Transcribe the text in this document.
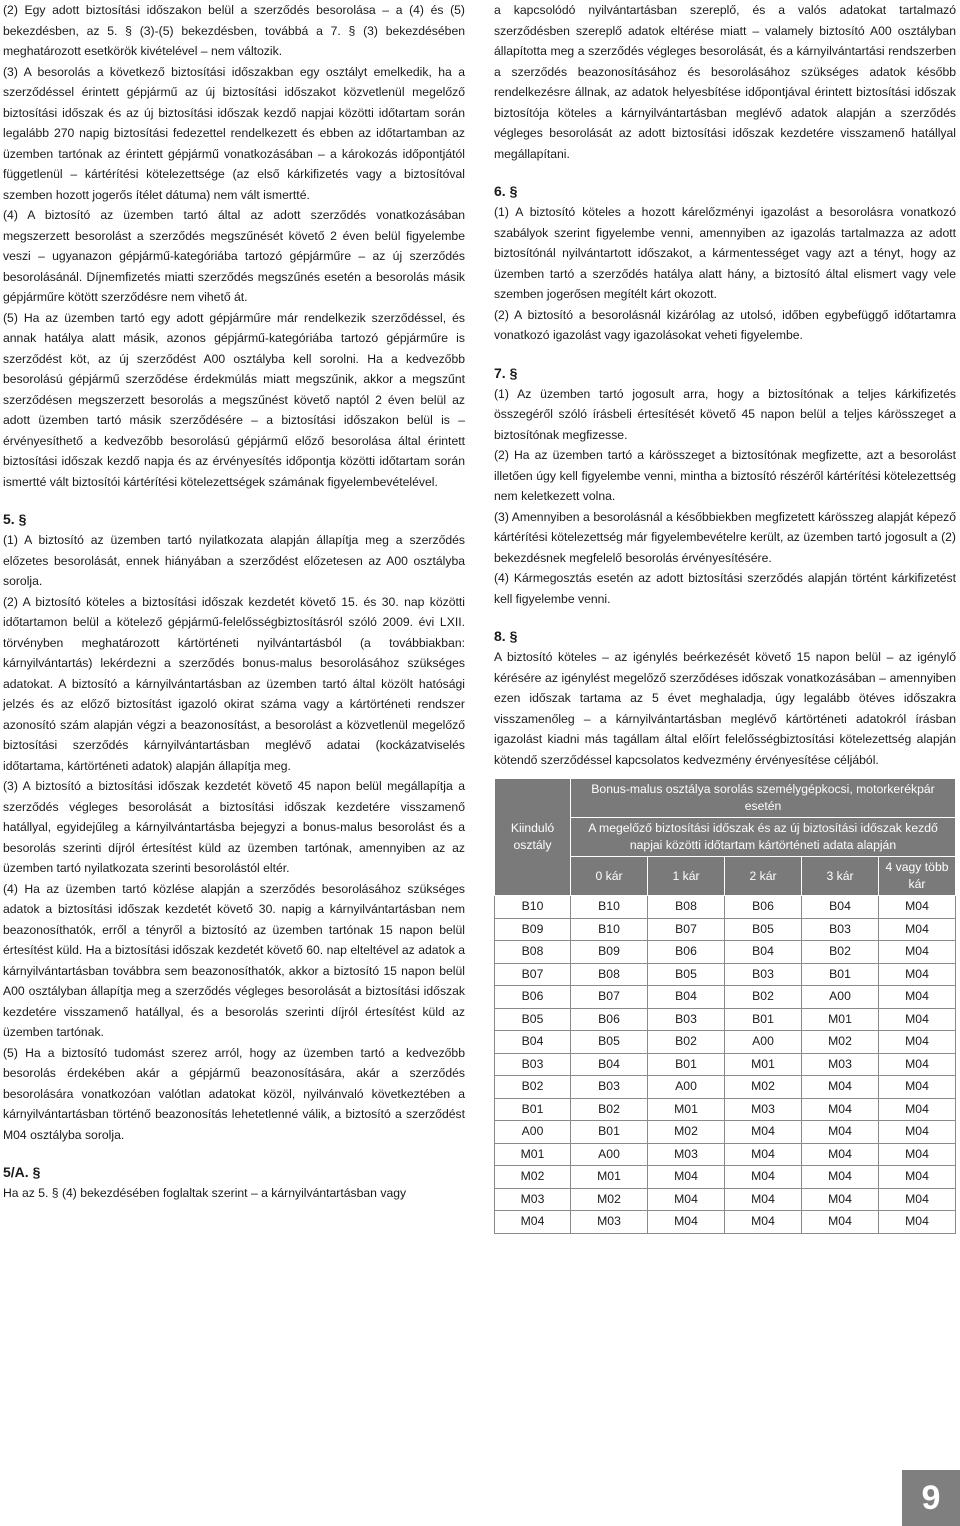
(2) Egy adott biztosítási időszakon belül a szerződés besorolása – a (4) és (5) bekezdésben, az 5. § (3)-(5) bekezdésben, továbbá a 7. § (3) bekezdésében meghatározott esetkörök kivételével – nem változik.

(3) A besorolás a következő biztosítási időszakban egy osztályt emelkedik, ha a szerződéssel érintett gépjármű az új biztosítási időszakot közvetlenül megelőző biztosítási időszak és az új biztosítási időszak kezdő napjai közötti időtartam során legalább 270 napig biztosítási fedezettel rendelkezett és ebben az időtartamban az üzemben tartónak az érintett gépjármű vonatkozásában – a károkozás időpontjától függetlenül – kártérítési kötelezettsége (az első kárkifizetés vagy a biztosítóval szemben hozott jogerős ítélet dátuma) nem vált ismertté.

(4) A biztosító az üzemben tartó által az adott szerződés vonatkozásában megszerzett besorolást a szerződés megszűnését követő 2 éven belül figyelembe veszi – ugyanazon gépjármű-kategóriába tartozó gépjárműre – az új szerződés besorolásánál. Díjnemfizetés miatti szerződés megszűnés esetén a besorolás másik gépjárműre kötött szerződésre nem vihető át.

(5) Ha az üzemben tartó egy adott gépjárműre már rendelkezik szerződéssel, és annak hatálya alatt másik, azonos gépjármű-kategóriába tartozó gépjárműre is szerződést köt, az új szerződést A00 osztályba kell sorolni. Ha a kedvezőbb besorolású gépjármű szerződése érdekmúlás miatt megszűnik, akkor a megszűnt szerződésen megszerzett besorolás a megszűnést követő naptól 2 éven belül az adott üzemben tartó másik szerződésére – a biztosítási időszakon belül is – érvényesíthető a kedvezőbb besorolású gépjármű előző besorolása által érintett biztosítási időszak kezdő napja és az érvényesítés időpontja közötti időtartam során ismertté vált biztosítói kártérítési kötelezettségek számának figyelembevételével.

5. §

(1) A biztosító az üzemben tartó nyilatkozata alapján állapítja meg a szerződés előzetes besorolását, ennek hiányában a szerződést előzetesen az A00 osztályba sorolja.

(2) A biztosító köteles a biztosítási időszak kezdetét követő 15. és 30. nap közötti időtartamon belül a kötelező gépjármű-felelősségbiztosításról szóló 2009. évi LXII. törvényben meghatározott kártörténeti nyilvántartásból (a továbbiakban: kárnyilvántartás) lekérdezni a szerződés bonus-malus besorolásához szükséges adatokat. A biztosító a kárnyilvántartásban az üzemben tartó által közölt hatósági jelzés és az előző biztosítást igazoló okirat száma vagy a kártörténeti rendszer azonosító szám alapján végzi a beazonosítást, a besorolást a közvetlenül megelőző biztosítási szerződés kárnyilvántartásban meglévő adatai (kockázatviselés időtartama, kártörténeti adatok) alapján állapítja meg.

(3) A biztosító a biztosítási időszak kezdetét követő 45 napon belül megállapítja a szerződés végleges besorolását a biztosítási időszak kezdetére visszamenő hatállyal, egyidejűleg a kárnyilvántartásba bejegyzi a bonus-malus besorolást és a besorolás szerinti díjról értesítést küld az üzemben tartónak, amennyiben az az üzemben tartó nyilatkozata szerinti besorolástól eltér.

(4) Ha az üzemben tartó közlése alapján a szerződés besorolásához szükséges adatok a biztosítási időszak kezdetét követő 30. napig a kárnyilvántartásban nem beazonosíthatók, erről a tényről a biztosító az üzemben tartónak 15 napon belül értesítést küld. Ha a biztosítási időszak kezdetét követő 60. nap elteltével az adatok a kárnyilvántartásban továbbra sem beazonosíthatók, akkor a biztosító 15 napon belül A00 osztályban állapítja meg a szerződés végleges besorolását a biztosítási időszak kezdetére visszamenő hatállyal, és a besorolás szerinti díjról értesítést küld az üzemben tartónak.

(5) Ha a biztosító tudomást szerez arról, hogy az üzemben tartó a kedvezőbb besorolás érdekében akár a gépjármű beazonosítására, akár a szerződés besorolására vonatkozóan valótlan adatokat közöl, nyilvánvaló következtében a kárnyilvántartásban történő beazonosítás lehetetlenné válik, a biztosító a szerződést M04 osztályba sorolja.

5/A. §

Ha az 5. § (4) bekezdésében foglaltak szerint – a kárnyilvántartásban vagy

a kapcsolódó nyilvántartásban szereplő, és a valós adatokat tartalmazó szerződésben szereplő adatok eltérése miatt – valamely biztosító A00 osztályban állapította meg a szerződés végleges besorolását, és a kárnyilvántartási rendszerben a szerződés beazonosításához és besorolásához szükséges adatok később rendelkezésre állnak, az adatok helyesbítése időpontjával érintett biztosítási időszak biztosítója köteles a kárnyilvántartásban meglévő adatok alapján a szerződés végleges besorolását az adott biztosítási időszak kezdetére visszamenő hatállyal megállapítani.

6. §

(1) A biztosító köteles a hozott kárelőzményi igazolást a besorolásra vonatkozó szabályok szerint figyelembe venni, amennyiben az igazolás tartalmazza az adott biztosítónál nyilvántartott időszakot, a kármentességet vagy azt a tényt, hogy az üzemben tartó a szerződés hatálya alatt hány, a biztosító által elismert vagy vele szemben jogerősen megítélt kárt okozott.

(2) A biztosító a besorolásnál kizárólag az utolsó, időben egybefüggő időtartamra vonatkozó igazolást vagy igazolásokat veheti figyelembe.

7. §

(1) Az üzemben tartó jogosult arra, hogy a biztosítónak a teljes kárkifizetés összegéről szóló írásbeli értesítését követő 45 napon belül a teljes kárösszeget a biztosítónak megfizesse.

(2) Ha az üzemben tartó a kárösszeget a biztosítónak megfizette, azt a besorolást illetően úgy kell figyelembe venni, mintha a biztosító részéről kártérítési kötelezettség nem keletkezett volna.

(3) Amennyiben a besorolásnál a későbbiekben megfizetett kárösszeg alapját képező kártérítési kötelezettség már figyelembevételre került, az üzemben tartó jogosult a (2) bekezdésnek megfelelő besorolás érvényesítésére.

(4) Kármegosztás esetén az adott biztosítási szerződés alapján történt kárkifizetést kell figyelembe venni.

8. §

A biztosító köteles – az igénylés beérkezését követő 15 napon belül – az igénylő kérésére az igénylést megelőző szerződéses időszak vonatkozásában – amennyiben ezen időszak tartama az 5 évet meghaladja, úgy legalább ötéves időszakra visszamenőleg – a kárnyilvántartásban meglévő kártörténeti adatokról írásban igazolást kiadni más tagállam által előírt felelősségbiztosítási kötelezettség alapján kötendő szerződéssel kapcsolatos kedvezmény érvényesítése céljából.

Kiinduló osztály	Bonus-malus osztálya sorolás személygépkocsi, motorkerékpár esetén				
	A megelőző biztosítási időszak és az új biztosítási időszak kezdő napjai közötti időtartam kártörténeti adata alapján				
	0 kár	1 kár	2 kár	3 kár	4 vagy több kár
B10	B10	B08	B06	B04	M04
B09	B10	B07	B05	B03	M04
B08	B09	B06	B04	B02	M04
B07	B08	B05	B03	B01	M04
B06	B07	B04	B02	A00	M04
B05	B06	B03	B01	M01	M04
B04	B05	B02	A00	M02	M04
B03	B04	B01	M01	M03	M04
B02	B03	A00	M02	M04	M04
B01	B02	M01	M03	M04	M04
A00	B01	M02	M04	M04	M04
M01	A00	M03	M04	M04	M04
M02	M01	M04	M04	M04	M04
M03	M02	M04	M04	M04	M04
M04	M03	M04	M04	M04	M04
9
